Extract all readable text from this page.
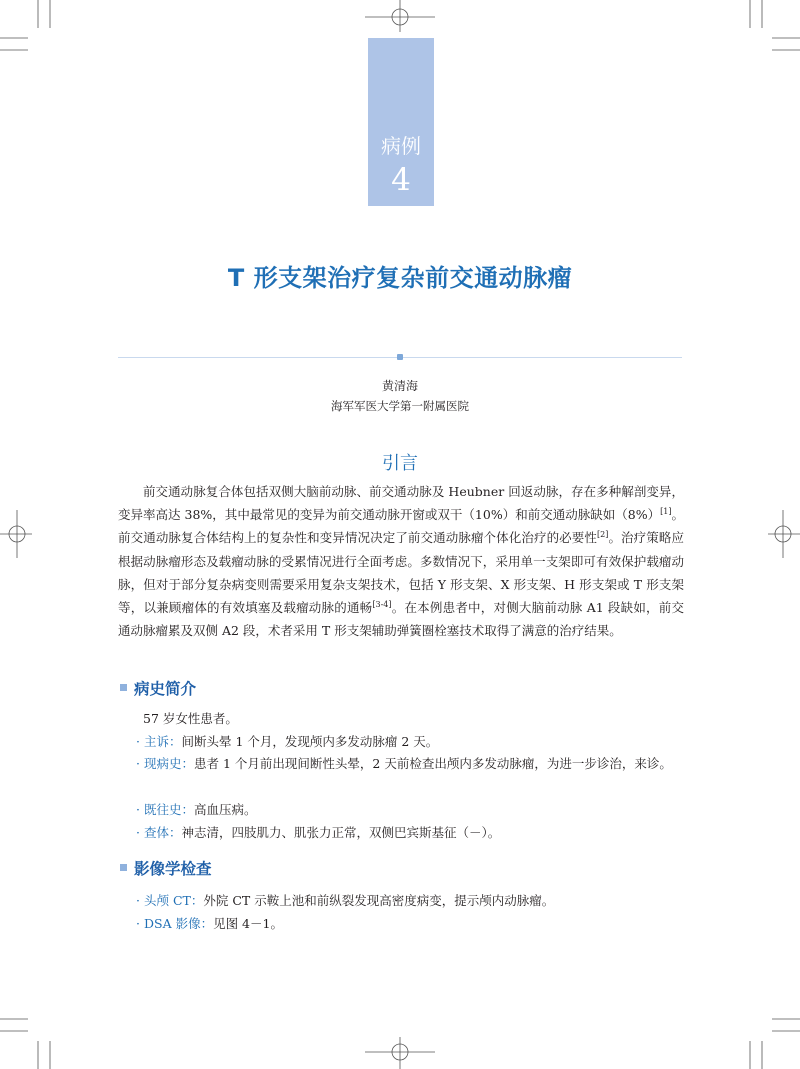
病例
4
T 形支架治疗复杂前交通动脉瘤
黄清海
海军军医大学第一附属医院
引言

前交通动脉复合体包括双侧大脑前动脉、前交通动脉及 Heubner 回返动脉，存在多种解剖变异，变异率高达 38%，其中最常见的变异为前交通动脉开窗或双干（10%）和前交通动脉缺如（8%）[1]。前交通动脉复合体结构上的复杂性和变异情况决定了前交通动脉瘤个体化治疗的必要性[2]。治疗策略应根据动脉瘤形态及载瘤动脉的受累情况进行全面考虑。多数情况下，采用单一支架即可有效保护载瘤动脉，但对于部分复杂病变则需要采用复杂支架技术，包括 Y 形支架、X 形支架、H 形支架或 T 形支架等，以兼顾瘤体的有效填塞及载瘤动脉的通畅[3-4]。在本例患者中，对侧大脑前动脉 A1 段缺如，前交通动脉瘤累及双侧 A2 段，术者采用 T 形支架辅助弹簧圈栓塞技术取得了满意的治疗结果。

病史简介

57 岁女性患者。

· 主诉：间断头晕 1 个月，发现颅内多发动脉瘤 2 天。

· 现病史：患者 1 个月前出现间断性头晕，2 天前检查出颅内多发动脉瘤，为进一步诊治，来诊。

· 既往史：高血压病。

· 查体：神志清，四肢肌力、肌张力正常，双侧巴宾斯基征（－）。

影像学检查

· 头颅 CT：外院 CT 示鞍上池和前纵裂发现高密度病变，提示颅内动脉瘤。

· DSA 影像：见图 4－1。
